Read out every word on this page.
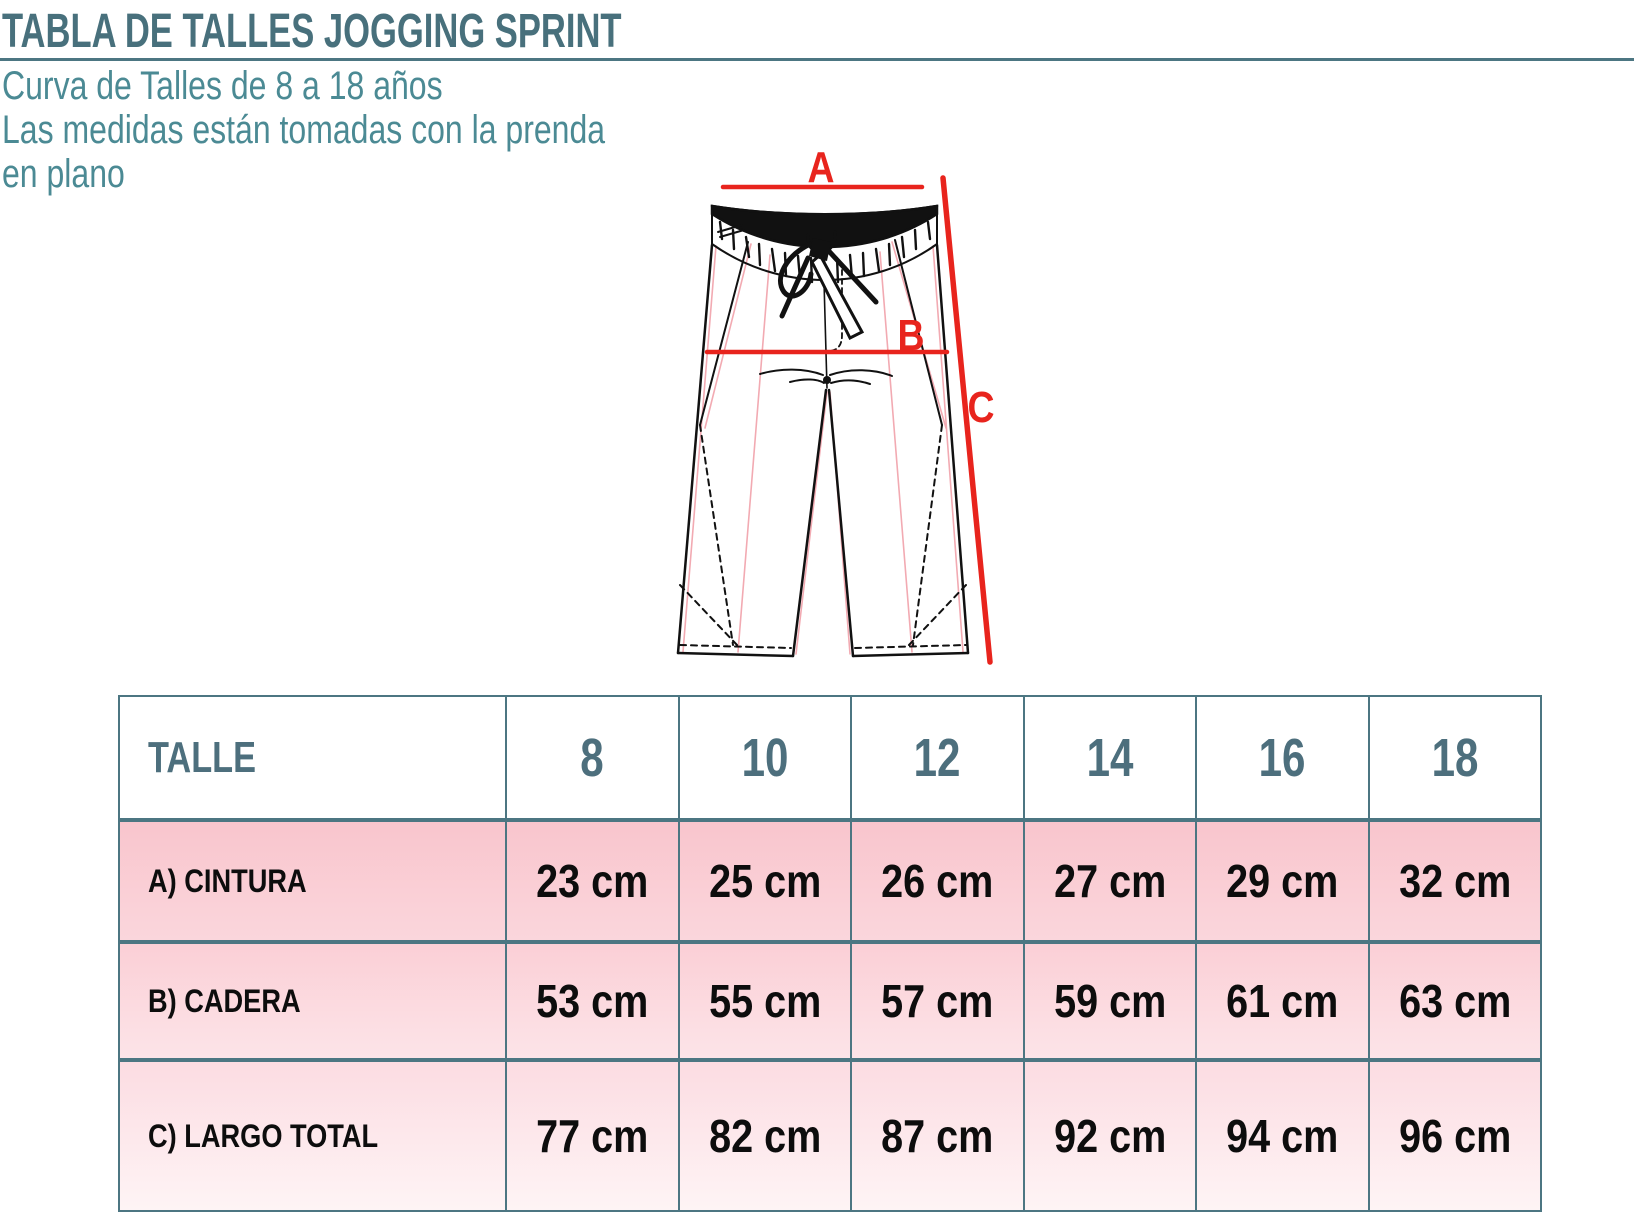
TABLA DE TALLES JOGGING SPRINT
Curva de Talles de 8 a 18 años
Las medidas están tomadas con la prenda
en plano	A
B
C
TALLE	8	10 12 14 16 18
A) CINTURA	23 cm 25 cm 26 cm 27 cm 29 cm 32 cm
B) CADERA	53 cm 55 cm 57 cm 59 cm 61 cm 63 cm
C) LARGO TOTAL	77 cm 82 cm 87 cm 92 cm 94 cm 96 cm
